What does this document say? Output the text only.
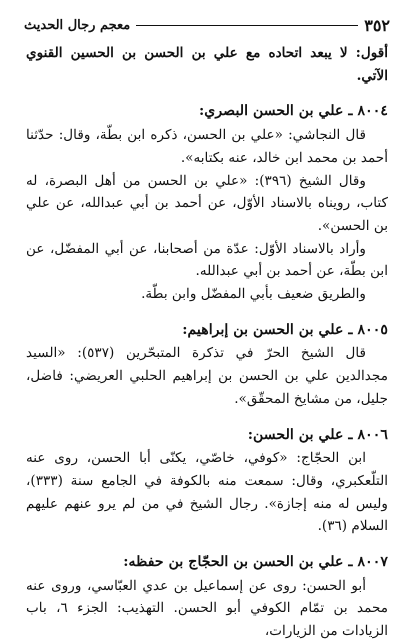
٣٥٢
معجم رجال الحديث

أقول: لا يبعد اتحاده مع علي بن الحسن بن الحسين القنوي الآتي.

٨٠٠٤ ـ علي بن الحسن البصري:

قال النجاشي: «علي بن الحسن، ذكره ابن بطّة، وقال: حدّثنا أحمد بن محمد ابن خالد، عنه بكتابه».

وقال الشيخ (٣٩٦): «علي بن الحسن من أهل البصرة، له كتاب، رويناه بالاسناد الأوّل، عن أحمد بن أبي عبدالله، عن علي بن الحسن».

وأراد بالاسناد الأوّل: عدّة من أصحابنا، عن أبي المفضّل، عن ابن بطّة، عن أحمد بن أبي عبدالله.

والطريق ضعيف بأبي المفضّل وابن بطّة.

٨٠٠٥ ـ علي بن الحسن بن إبراهيم:

قال الشيخ الحرّ في تذكرة المتبحّرين (٥٣٧): «السيد مجدالدين علي بن الحسن بن إبراهيم الحلبي العريضي: فاضل، جليل، من مشايخ المحقّق».

٨٠٠٦ ـ علي بن الحسن:

ابن الحجّاج: «كوفي، خاصّي، يكنّى أبا الحسن، روى عنه التلّعكبري، وقال: سمعت منه بالكوفة في الجامع سنة (٣٣٣)، وليس له منه إجازة». رجال الشيخ في من لم يرو عنهم عليهم السلام (٣٦).

٨٠٠٧ ـ علي بن الحسن بن الحجّاج بن حفظه:

أبو الحسن: روى عن إسماعيل بن عدي العبّاسي، وروى عنه محمد بن تمّام الكوفي أبو الحسن. التهذيب: الجزء ٦، باب الزيادات من الزيارات،
